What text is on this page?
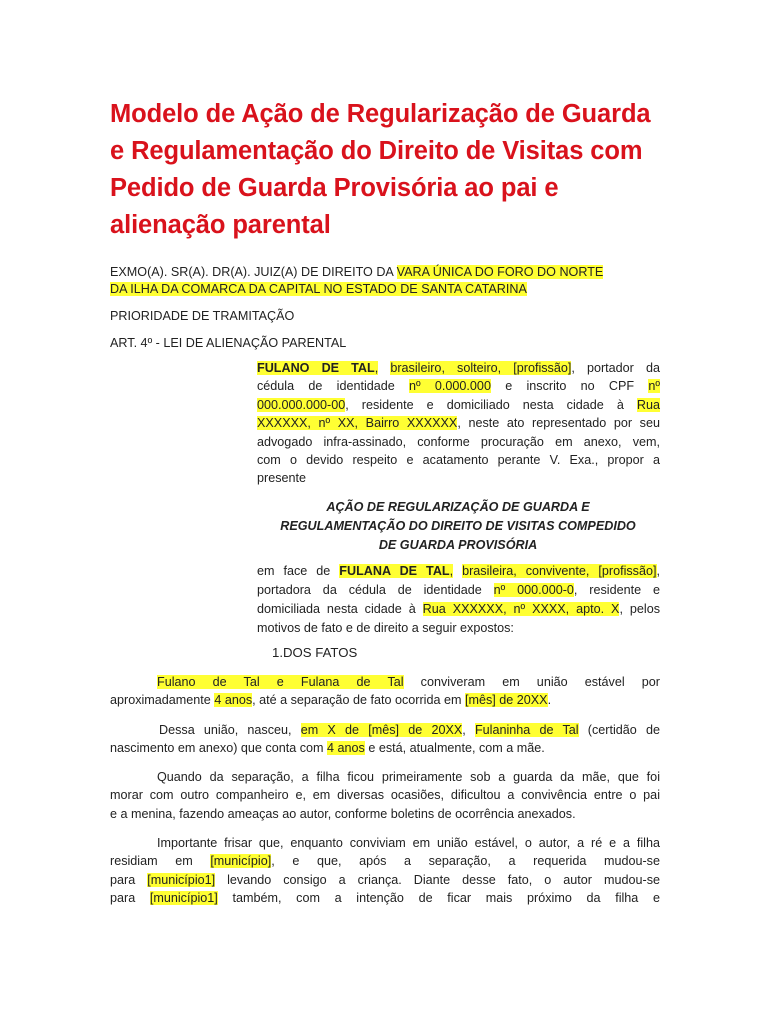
Modelo de Ação de Regularização de Guarda e Regulamentação do Direito de Visitas com Pedido de Guarda Provisória ao pai e alienação parental
EXMO(A). SR(A). DR(A). JUIZ(A) DE DIREITO DA VARA ÚNICA DO FORO DO NORTE
DA ILHA DA COMARCA DA CAPITAL NO ESTADO DE SANTA CATARINA
PRIORIDADE DE TRAMITAÇÃO
ART. 4º - LEI DE ALIENAÇÃO PARENTAL
FULANO DE TAL, brasileiro, solteiro, [profissão], portador da
cédula de identidade nº 0.000.000 e inscrito no CPF nº
000.000.000-00, residente e domiciliado nesta cidade à Rua
XXXXXX, nº XX, Bairro XXXXXX, neste ato representado por seu
advogado infra-assinado, conforme procuração em anexo, vem,
com o devido respeito e acatamento perante V. Exa., propor a
presente
AÇÃO DE REGULARIZAÇÃO DE GUARDA E
REGULAMENTAÇÃO DO DIREITO DE VISITAS COMPEDIDO
DE GUARDA PROVISÓRIA
em face de FULANA DE TAL, brasileira, convivente, [profissão],
portadora da cédula de identidade nº 000.000-0, residente e
domiciliada nesta cidade à Rua XXXXXX, nº XXXX, apto. X, pelos
motivos de fato e de direito a seguir expostos:
1.DOS FATOS
Fulano de Tal e Fulana de Tal conviveram em união estável por
aproximadamente 4 anos, até a separação de fato ocorrida em [mês] de 20XX.
Dessa união, nasceu, em X de [mês] de 20XX, Fulaninha de Tal (certidão de
nascimento em anexo) que conta com 4 anos e está, atualmente, com a mãe.
Quando da separação, a filha ficou primeiramente sob a guarda da mãe, que foi
morar com outro companheiro e, em diversas ocasiões, dificultou a convivência entre o pai
e a menina, fazendo ameaças ao autor, conforme boletins de ocorrência anexados.
Importante frisar que, enquanto conviviam em união estável, o autor, a ré e a filha
residiam em [município], e que, após a separação, a requerida mudou-se
para [município1] levando consigo a criança. Diante desse fato, o autor mudou-se
para [município1] também, com a intenção de ficar mais próximo da filha e
